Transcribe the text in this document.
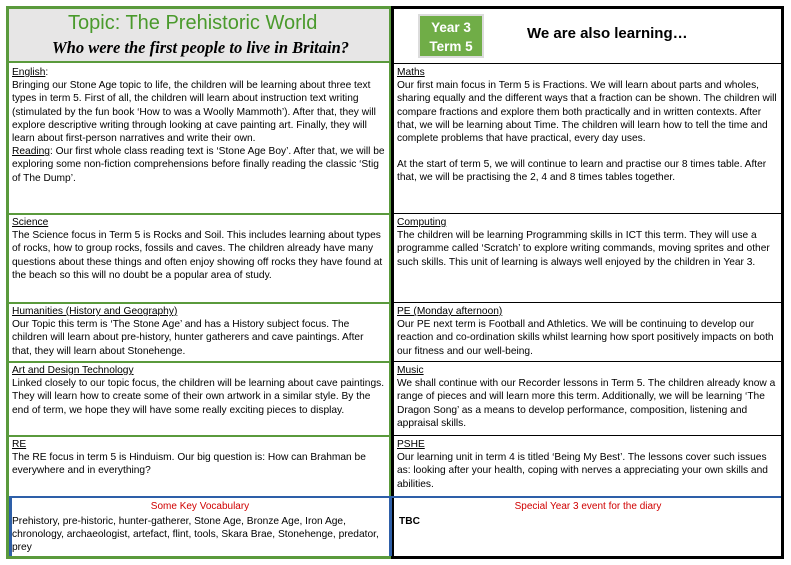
Topic: The Prehistoric World
Who were the first people to live in Britain?
Year 3
Term 5
We are also learning…

English:

Bringing our Stone Age topic to life, the children will be learning about three text types in term 5. First of all, the children will learn about instruction text writing (stimulated by the fun book ‘How to was a Woolly Mammoth’). After that, they will explore descriptive writing through looking at cave painting art. Finally, they will learn about first-person narratives and write their own.

Reading: Our first whole class reading text is ‘Stone Age Boy’. After that, we will be exploring some non-fiction comprehensions before finally reading the classic ‘Stig of The Dump’.

Science

The Science focus in Term 5 is Rocks and Soil. This includes learning about types of rocks, how to group rocks, fossils and caves. The children already have many questions about these things and often enjoy showing off rocks they have found at the beach so this will no doubt be a popular area of study.

Humanities (History and Geography)

Our Topic this term is ‘The Stone Age’ and has a History subject focus. The children will learn about pre-history, hunter gatherers and cave paintings. After that, they will learn about Stonehenge.

Art and Design Technology

Linked closely to our topic focus, the children will be learning about cave paintings. They will learn how to create some of their own artwork in a similar style. By the end of term, we hope they will have some really exciting pieces to display.

RE

The RE focus in term 5 is Hinduism. Our big question is: How can Brahman be everywhere and in everything?

Maths

Our first main focus in Term 5 is Fractions. We will learn about parts and wholes, sharing equally and the different ways that a fraction can be shown. The children will compare fractions and explore them both practically and in written contexts. After that, we will be learning about Time. The children will learn how to tell the time and complete problems that have practical, every day uses.

At the start of term 5, we will continue to learn and practise our 8 times table. After that, we will be practising the 2, 4 and 8 times tables together.

Computing

The children will be learning Programming skills in ICT this term. They will use a programme called ‘Scratch’ to explore writing commands, moving sprites and other such skills. This unit of learning is always well enjoyed by the children in Year 3.

PE (Monday afternoon)

Our PE next term is Football and Athletics. We will be continuing to develop our reaction and co-ordination skills whilst learning how sport positively impacts on both our fitness and our well-being.

Music

We shall continue with our Recorder lessons in Term 5. The children already know a range of pieces and will learn more this term. Additionally, we will be learning ‘The Dragon Song’ as a means to develop performance, composition, listening and appraisal skills.

PSHE

Our learning unit in term 4 is titled ‘Being My Best’. The lessons cover such issues as: looking after your health, coping with nerves a appreciating your own skills and abilities.

Some Key Vocabulary
Prehistory, pre-historic, hunter-gatherer, Stone Age, Bronze Age, Iron Age, chronology, archaeologist, artefact, flint, tools, Skara Brae, Stonehenge, predator, prey
Special Year 3 event for the diary
TBC
